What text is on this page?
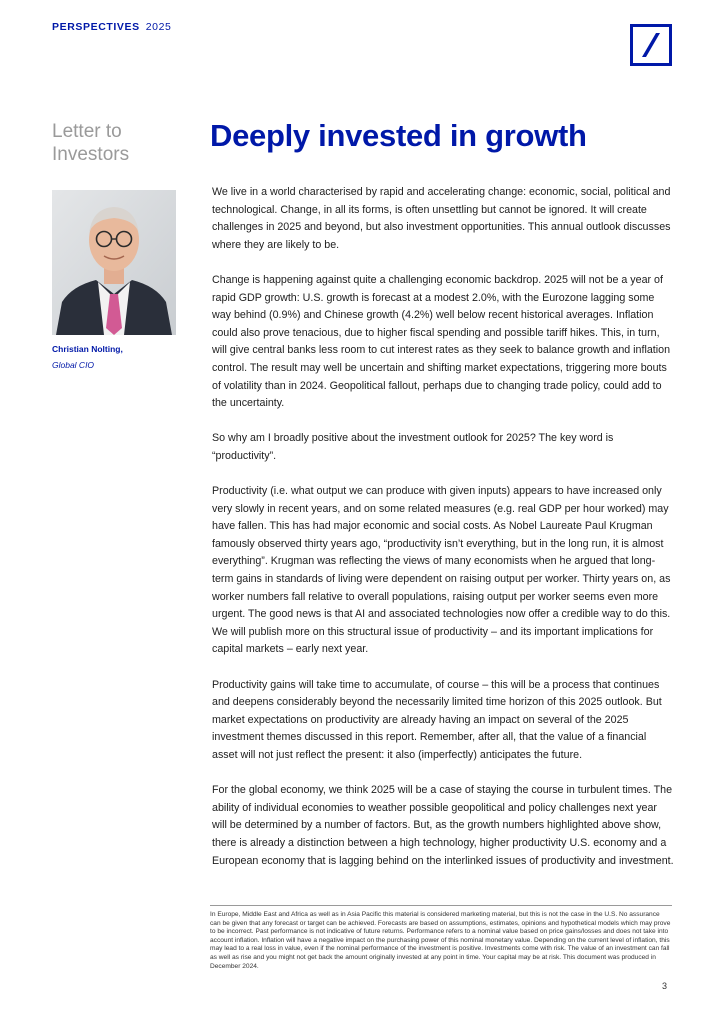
PERSPECTIVES 2025
Letter to
Investors
Deeply invested in growth
Christian Nolting,
Global CIO

We live in a world characterised by rapid and accelerating change: economic, social, political and technological. Change, in all its forms, is often unsettling but cannot be ignored. It will create challenges in 2025 and beyond, but also investment opportunities. This annual outlook discusses where they are likely to be.

Change is happening against quite a challenging economic backdrop. 2025 will not be a year of rapid GDP growth: U.S. growth is forecast at a modest 2.0%, with the Eurozone lagging some way behind (0.9%) and Chinese growth (4.2%) well below recent historical averages. Inflation could also prove tenacious, due to higher fiscal spending and possible tariff hikes. This, in turn, will give central banks less room to cut interest rates as they seek to balance growth and inflation control. The result may well be uncertain and shifting market expectations, triggering more bouts of volatility than in 2024. Geopolitical fallout, perhaps due to changing trade policy, could add to the uncertainty.

So why am I broadly positive about the investment outlook for 2025? The key word is “productivity”.

Productivity (i.e. what output we can produce with given inputs) appears to have increased only very slowly in recent years, and on some related measures (e.g. real GDP per hour worked) may have fallen. This has had major economic and social costs. As Nobel Laureate Paul Krugman famously observed thirty years ago, “productivity isn’t everything, but in the long run, it is almost everything”. Krugman was reflecting the views of many economists when he argued that long-term gains in standards of living were dependent on raising output per worker. Thirty years on, as worker numbers fall relative to overall populations, raising output per worker seems even more urgent. The good news is that AI and associated technologies now offer a credible way to do this. We will publish more on this structural issue of productivity – and its important implications for capital markets – early next year.

Productivity gains will take time to accumulate, of course – this will be a process that continues and deepens considerably beyond the necessarily limited time horizon of this 2025 outlook. But market expectations on productivity are already having an impact on several of the 2025 investment themes discussed in this report. Remember, after all, that the value of a financial asset will not just reflect the present: it also (imperfectly) anticipates the future.

For the global economy, we think 2025 will be a case of staying the course in turbulent times. The ability of individual economies to weather possible geopolitical and policy challenges next year will be determined by a number of factors. But, as the growth numbers highlighted above show, there is already a distinction between a high technology, higher productivity U.S. economy and a European economy that is lagging behind on the interlinked issues of productivity and investment.

In Europe, Middle East and Africa as well as in Asia Pacific this material is considered marketing material, but this is not the case in the U.S. No assurance can be given that any forecast or target can be achieved. Forecasts are based on assumptions, estimates, opinions and hypothetical models which may prove to be incorrect. Past performance is not indicative of future returns. Performance refers to a nominal value based on price gains/losses and does not take into account inflation. Inflation will have a negative impact on the purchasing power of this nominal monetary value. Depending on the current level of inflation, this may lead to a real loss in value, even if the nominal performance of the investment is positive. Investments come with risk. The value of an investment can fall as well as rise and you might not get back the amount originally invested at any point in time. Your capital may be at risk. This document was produced in December 2024.
3
